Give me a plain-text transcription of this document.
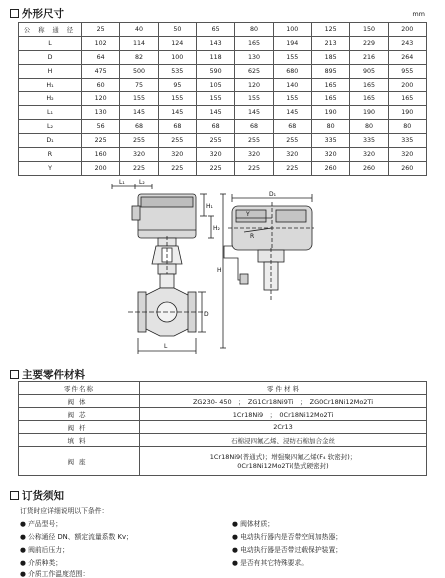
外形尺寸	mm
公 称 通 径	25	40	50	65	80	100	125	150	200
L	102	114	124	143	165	194	213	229	243
D	64	82	100	118	130	155	185	216	264
H	475	500	535	590	625	680	895	905	955
H₁	60	75	95	105	120	140	165	165	200
H₂	120	155	155	155	155	155	165	165	165
L₁	130	145	145	145	145	145	190	190	190
L₂	56	68	68	68	68	68	80	80	80
D₁	225	255	255	255	255	255	335	335	335
R	160	320	320	320	320	320	320	320	320
Y	200	225	225	225	225	225	260	260	260
L₁ L₂
H₁
H₂
H
D
L
D₁
Y
R
主要零件材料
零件名称	零 件 材 料
阀体	ZG230- 450　；　ZG1Cr18Ni9Ti　；　ZG0Cr18Ni12Mo2Ti
阀芯	1Cr18Ni9　；　0Cr18Ni12Mo2Ti
阀杆	2Cr13
填料	石棉浸四氟乙烯、浸纺石棉加合金丝
阀座	1Cr18Ni9(普通式)；增强聚四氟乙烯(F₄ 软密封)；
0Cr18Ni12Mo2Ti(垫式硬密封)
订货须知
订货时应详细说明以下条件：
● 产品型号；
● 公称通径 DN、额定流量系数 Kv；
● 阀前后压力；
● 介质种类；
● 介质工作温度范围：
● 阀体材质；
● 电动执行器内是否带空间加热器；
● 电动执行器是否带过载保护装置；
● 是否有其它特殊要求。
